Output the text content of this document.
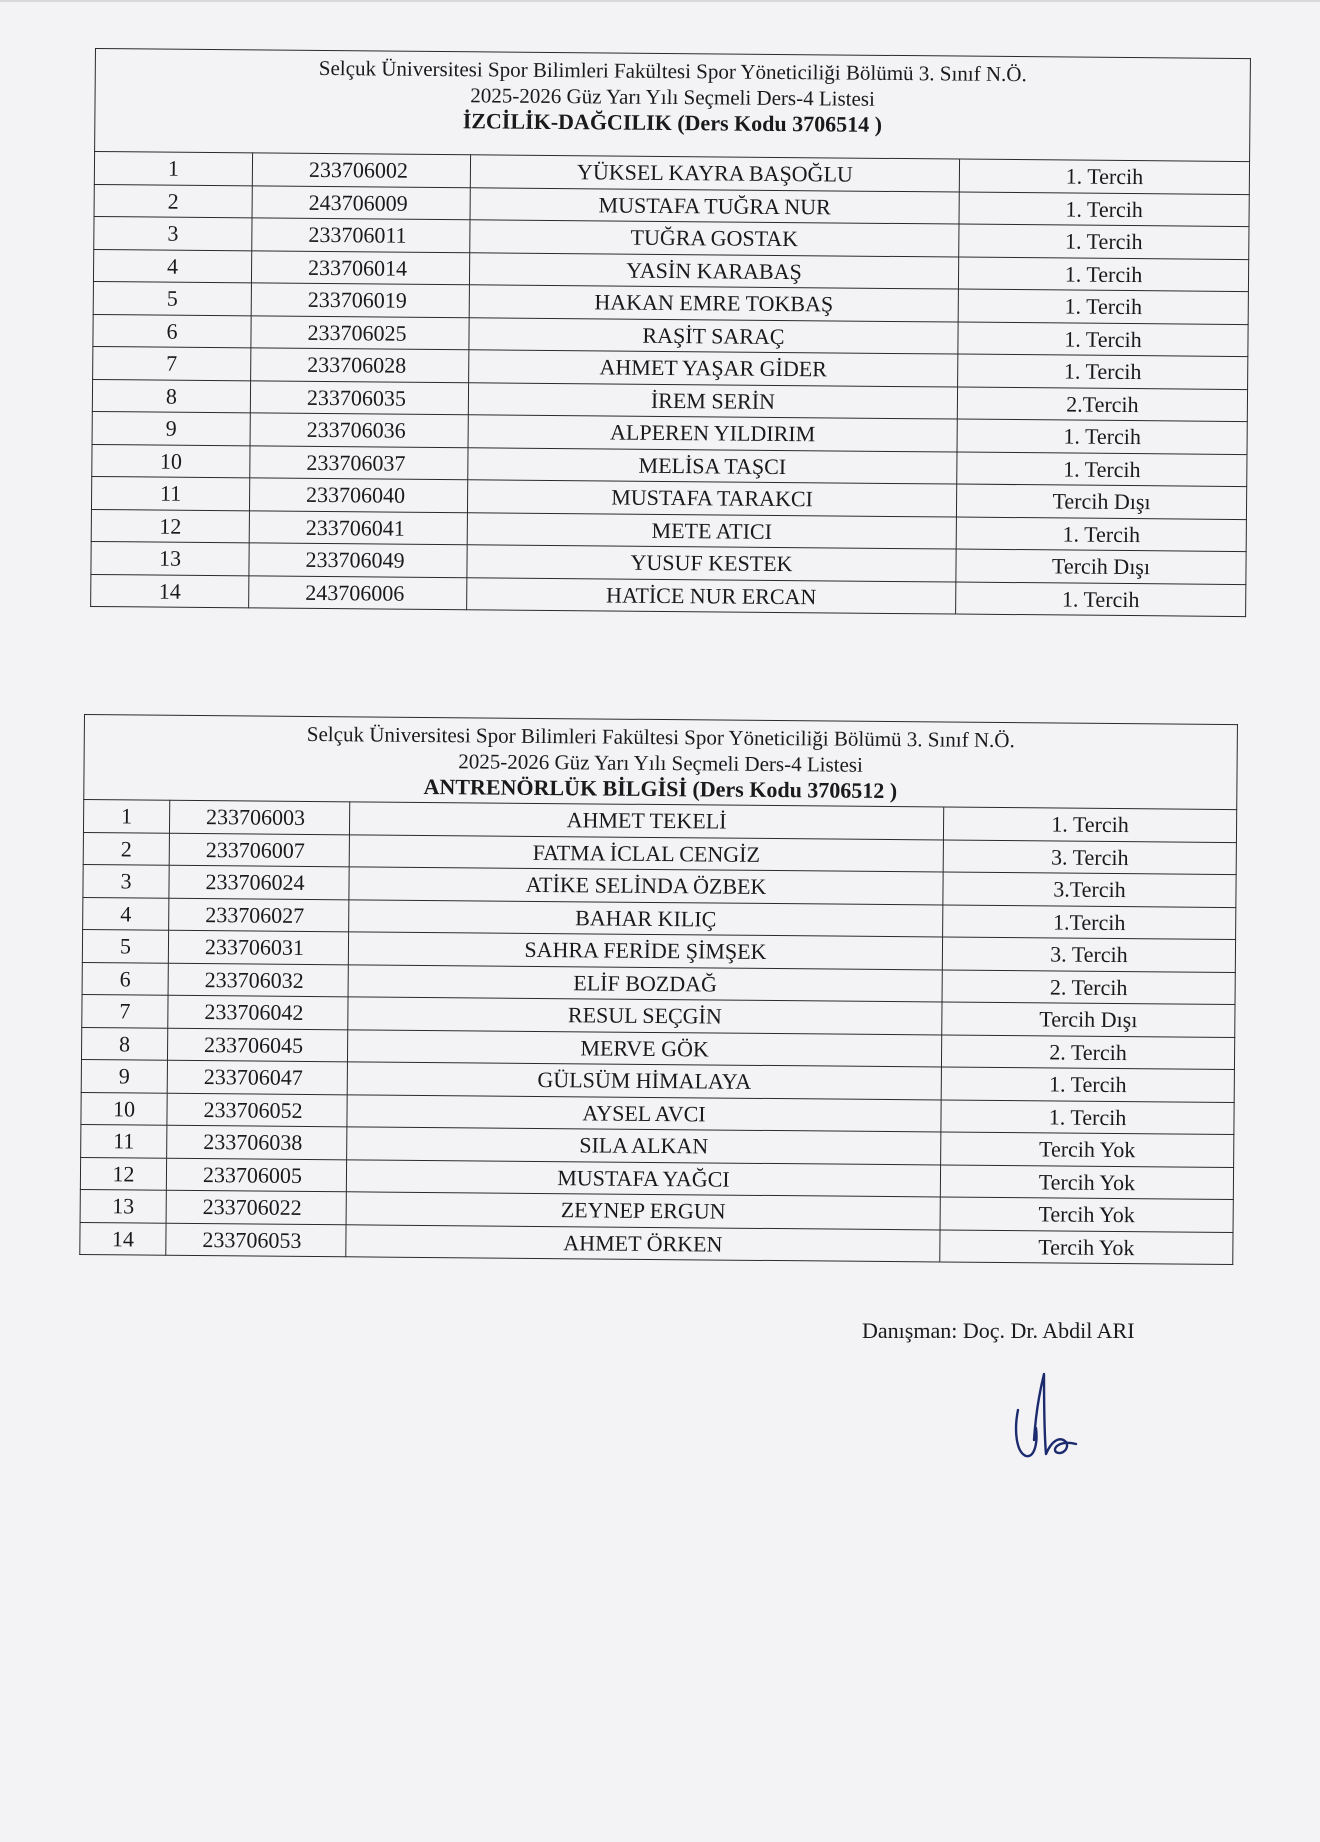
Selçuk Üniversitesi Spor Bilimleri Fakültesi Spor Yöneticiliği Bölümü 3. Sınıf N.Ö.
2025-2026 Güz Yarı Yılı Seçmeli Ders-4 Listesi
İZCİLİK-DAĞCILIK (Ders Kodu 3706514 )			

1	233706002	YÜKSEL KAYRA BAŞOĞLU	1. Tercih
2	243706009	MUSTAFA TUĞRA NUR	1. Tercih
3	233706011	TUĞRA GOSTAK	1. Tercih
4	233706014	YASİN KARABAŞ	1. Tercih
5	233706019	HAKAN EMRE TOKBAŞ	1. Tercih
6	233706025	RAŞİT SARAÇ	1. Tercih
7	233706028	AHMET YAŞAR GİDER	1. Tercih
8	233706035	İREM SERİN	2.Tercih
9	233706036	ALPEREN YILDIRIM	1. Tercih
10	233706037	MELİSA TAŞCI	1. Tercih
11	233706040	MUSTAFA TARAKCI	Tercih Dışı
12	233706041	METE ATICI	1. Tercih
13	233706049	YUSUF KESTEK	Tercih Dışı
14	243706006	HATİCE NUR ERCAN	1. Tercih
Selçuk Üniversitesi Spor Bilimleri Fakültesi Spor Yöneticiliği Bölümü 3. Sınıf N.Ö.
2025-2026 Güz Yarı Yılı Seçmeli Ders-4 Listesi
ANTRENÖRLÜK BİLGİSİ (Ders Kodu 3706512 )			

1	233706003	AHMET TEKELİ	1. Tercih
2	233706007	FATMA İCLAL CENGİZ	3. Tercih
3	233706024	ATİKE SELİNDA ÖZBEK	3.Tercih
4	233706027	BAHAR KILIÇ	1.Tercih
5	233706031	SAHRA FERİDE ŞİMŞEK	3. Tercih
6	233706032	ELİF BOZDAĞ	2. Tercih
7	233706042	RESUL SEÇGİN	Tercih Dışı
8	233706045	MERVE GÖK	2. Tercih
9	233706047	GÜLSÜM HİMALAYA	1. Tercih
10	233706052	AYSEL AVCI	1. Tercih
11	233706038	SILA ALKAN	Tercih Yok
12	233706005	MUSTAFA YAĞCI	Tercih Yok
13	233706022	ZEYNEP ERGUN	Tercih Yok
14	233706053	AHMET ÖRKEN	Tercih Yok
Danışman: Doç. Dr. Abdil ARI
